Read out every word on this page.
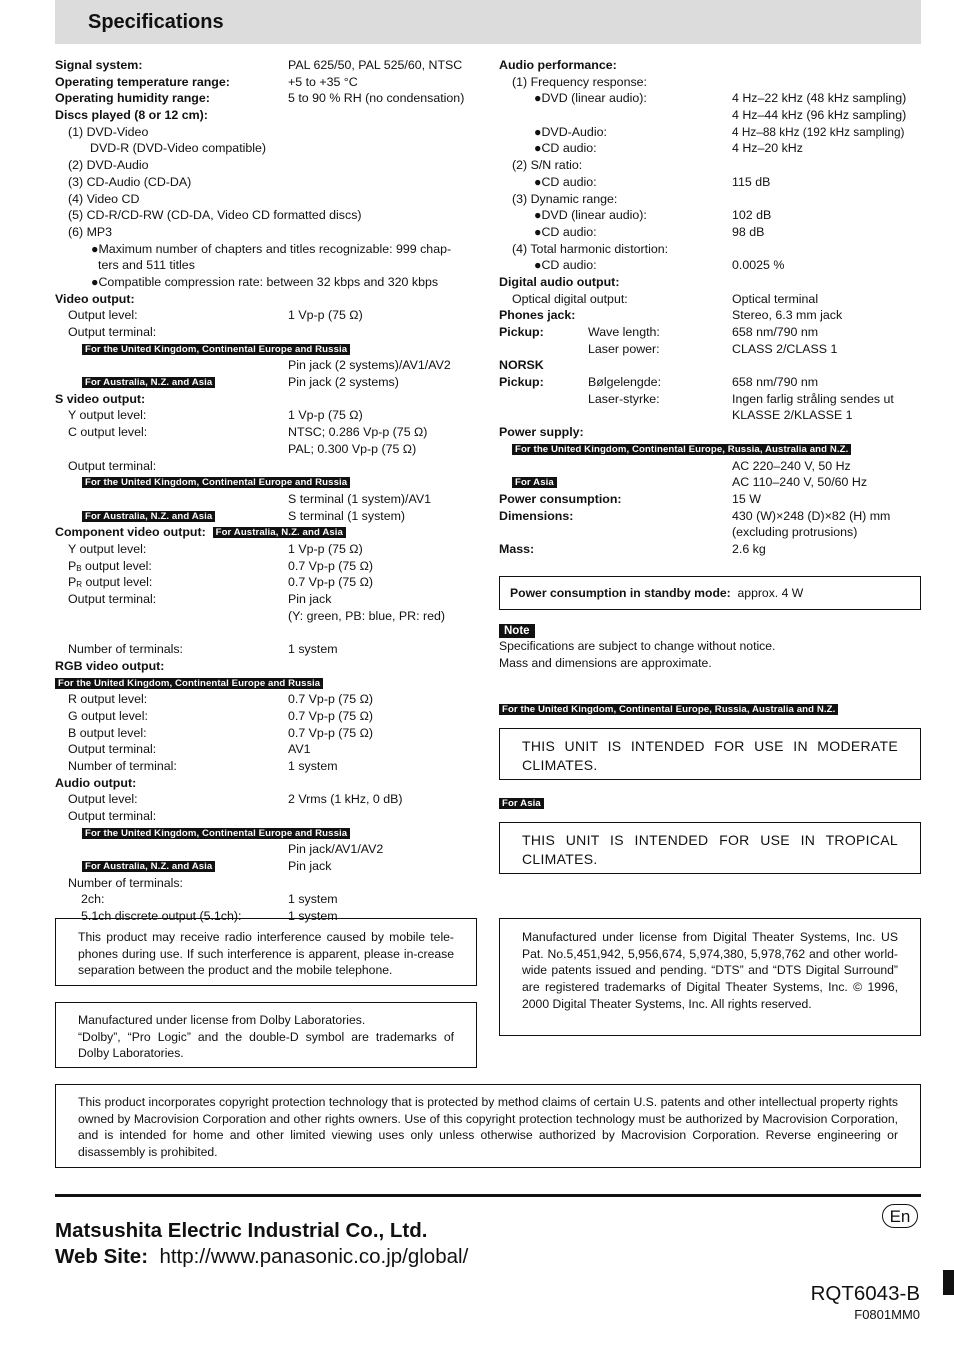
Specifications
Signal system:	PAL 625/50, PAL 525/60, NTSC
Operating temperature range:	+5 to +35 °C
Operating humidity range:	5 to 90 % RH (no condensation)
Discs played (8 or 12 cm):
(1) DVD-Video
DVD-R (DVD-Video compatible)
(2) DVD-Audio
(3) CD-Audio (CD-DA)
(4) Video CD
(5) CD-R/CD-RW (CD-DA, Video CD formatted discs)
(6) MP3
●Maximum number of chapters and titles recognizable: 999 chap-
ters and 511 titles
●Compatible compression rate: between 32 kbps and 320 kbps
Video output:
Output level:	1 Vp-p (75 Ω)
Output terminal:
For the United Kingdom, Continental Europe and Russia
Pin jack (2 systems)/AV1/AV2
For Australia, N.Z. and Asia	Pin jack (2 systems)
S video output:
Y output level:	1 Vp-p (75 Ω)
C output level:	NTSC; 0.286 Vp-p (75 Ω)
PAL; 0.300 Vp-p (75 Ω)
Output terminal:
For the United Kingdom, Continental Europe and Russia
S terminal (1 system)/AV1
For Australia, N.Z. and Asia	S terminal (1 system)
Component video output: For Australia, N.Z. and Asia
Y output level:	1 Vp-p (75 Ω)
$P_B$ output level:	0.7 Vp-p (75 Ω)
$P_R$ output level:	0.7 Vp-p (75 Ω)
Output terminal:	Pin jack
(Y: green, PB: blue, PR: red)
Number of terminals:	1 system
RGB video output:
For the United Kingdom, Continental Europe and Russia
R output level:	0.7 Vp-p (75 Ω)
G output level:	0.7 Vp-p (75 Ω)
B output level:	0.7 Vp-p (75 Ω)
Output terminal:	AV1
Number of terminal:	1 system
Audio output:
Output level:	2 Vrms (1 kHz, 0 dB)
Output terminal:
For the United Kingdom, Continental Europe and Russia
Pin jack/AV1/AV2
For Australia, N.Z. and Asia	Pin jack
Number of terminals:
2ch:	1 system
5.1ch discrete output (5.1ch):	1 system
Audio performance:
(1) Frequency response:
●DVD (linear audio):	4 Hz–22 kHz (48 kHz sampling)
4 Hz–44 kHz (96 kHz sampling)
●DVD-Audio:	4 Hz–88 kHz (192 kHz sampling)
●CD audio:	4 Hz–20 kHz
(2) S/N ratio:
●CD audio:	115 dB
(3) Dynamic range:
●DVD (linear audio):	102 dB
●CD audio:	98 dB
(4) Total harmonic distortion:
●CD audio:	0.0025 %
Digital audio output:
Optical digital output:	Optical terminal
Phones jack:	Stereo, 6.3 mm jack
Pickup:	Wave length:	658 nm/790 nm
Laser power:	CLASS 2/CLASS 1
NORSK
Pickup:	Bølgelengde:	658 nm/790 nm
Laser-styrke:	Ingen farlig stråling sendes ut
KLASSE 2/KLASSE 1
Power supply:
For the United Kingdom, Continental Europe, Russia, Australia and N.Z.
AC 220–240 V, 50 Hz
For Asia	AC 110–240 V, 50/60 Hz
Power consumption:	15 W
Dimensions:	430 (W)×248 (D)×82 (H) mm
(excluding protrusions)
Mass:	2.6 kg
Power consumption in standby mode: approx. 4 W
Note
Specifications are subject to change without notice.
Mass and dimensions are approximate.
For the United Kingdom, Continental Europe, Russia, Australia and N.Z.

THIS UNIT IS INTENDED FOR USE IN MODERATE CLIMATES.

For Asia

THIS UNIT IS INTENDED FOR USE IN TROPICAL CLIMATES.

This product may receive radio interference caused by mobile tele-phones during use. If such interference is apparent, please in-crease separation between the product and the mobile telephone.

Manufactured under license from Dolby Laboratories.

“Dolby”, “Pro Logic” and the double-D symbol are trademarks of Dolby Laboratories.

Manufactured under license from Digital Theater Systems, Inc. US Pat. No.5,451,942, 5,956,674, 5,974,380, 5,978,762 and other world-wide patents issued and pending. “DTS” and “DTS Digital Surround” are registered trademarks of Digital Theater Systems, Inc. © 1996, 2000 Digital Theater Systems, Inc. All rights reserved.

This product incorporates copyright protection technology that is protected by method claims of certain U.S. patents and other intellectual property rights owned by Macrovision Corporation and other rights owners. Use of this copyright protection technology must be authorized by Macrovision Corporation, and is intended for home and other limited viewing uses only unless otherwise authorized by Macrovision Corporation. Reverse engineering or disassembly is prohibited.

En
Matsushita Electric Industrial Co., Ltd.
Web Site: http://www.panasonic.co.jp/global/
RQT6043-B
F0801MM0
